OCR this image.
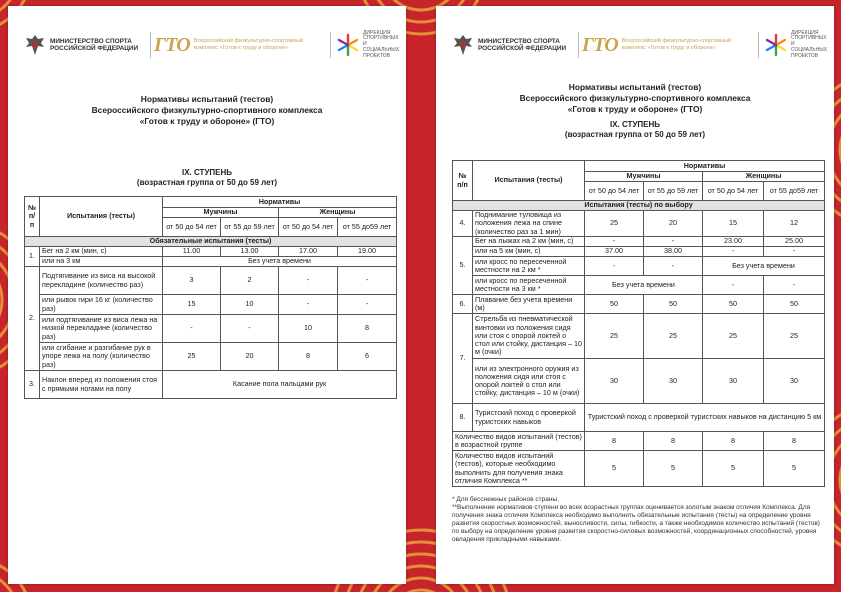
МИНИСТЕРСТВО СПОРТА РОССИЙСКОЙ ФЕДЕРАЦИИ ГТО Всероссийский физкультурно-спортивный комплекс «Готов к труду и обороне»
ДИРЕКЦИЯ СПОРТИВНЫХ И СОЦИАЛЬНЫХ ПРОЕКТОВ
Нормативы испытаний (тестов)
Всероссийского физкультурно-спортивного комплекса
«Готов к труду и обороне» (ГТО)
IX. СТУПЕНЬ
(возрастная группа от 50 до 59 лет)
№ п/п	Испытания (тесты)	Нормативы			
		Мужчины		Женщины	
		от 50 до 54 лет	от 55 до 59 лет	от 50 до 54 лет	от 55 до59 лет
Обязательные испытания (тесты)					
1.	Бег на 2 км (мин, с)	11.00	13.00	17.00	19.00
	или на 3 км	Без учета времени			
2.	Подтягивание из виса на высокой перекладине (количество раз)	3	2	-	-
	или рывок гири 16 кг (количество раз)	15	10	-	-
	или подтягивание из виса лежа на низкой перекладине (количество раз)	-	-	10	8
	или сгибание и разгибание рук в упоре лежа на полу (количество раз)	25	20	8	6
3.	Наклон вперед из положения стоя с прямыми ногами на полу	Касание пола пальцами рук			
МИНИСТЕРСТВО СПОРТА РОССИЙСКОЙ ФЕДЕРАЦИИ ГТО Всероссийский физкультурно-спортивный комплекс «Готов к труду и обороне»
ДИРЕКЦИЯ СПОРТИВНЫХ И СОЦИАЛЬНЫХ ПРОЕКТОВ
Нормативы испытаний (тестов)
Всероссийского физкультурно-спортивного комплекса
«Готов к труду и обороне» (ГТО)
IX. СТУПЕНЬ
(возрастная группа от 50 до 59 лет)
№ п/п	Испытания (тесты)	Нормативы			
		Мужчины		Женщины	
		от 50 до 54 лет	от 55 до 59 лет	от 50 до 54 лет	от 55 до59 лет
Испытания (тесты) по выбору					
4.	Поднимание туловища из положения лежа на спине (количество раз за 1 мин)	25	20	15	12
5.	Бег на лыжах на 2 км (мин, с)	-	-	23.00	25.00
	или на 5 км (мин, с)	37.00	38.00	-	-
	или кросс по пересеченной местности на 2 км *	-	-	Без учета времени	
	или кросс по пересеченной местности на 3 км *	Без учета времени		-	-
6.	Плавание без учета времени (м)	50	50	50	50
7.	Стрельба из пневматической винтовки из положения сидя или стоя с опорой локтей о стол или стойку, дистанция – 10 м (очки)	25	25	25	25
	или из электронного оружия из положения сидя или стоя с опорой локтей о стол или стойку, дистанция – 10 м (очки)	30	30	30	30
8.	Туристский поход с проверкой туристских навыков	Туристский поход с проверкой туристских навыков на дистанцию 5 км			
Количество видов испытаний (тестов) в возрастной группе		8	8	8	8
Количество видов испытаний (тестов), которые необходимо выполнить для получения знака отличия Комплекса **		5	5	5	5
* Для бесснежных районов страны.
**Выполнение нормативов ступени во всех возрастных группах оценивается золотым знаком отличия Комплекса. Для получения знака отличия Комплекса необходимо выполнить обязательные испытания (тесты) на определение уровня развития скоростных возможностей, выносливости, силы, гибкости, а также необходимое количество испытаний (тестов) по выбору на определение уровня развития скоростно-силовых возможностей, координационных способностей, уровня овладения прикладными навыками.
